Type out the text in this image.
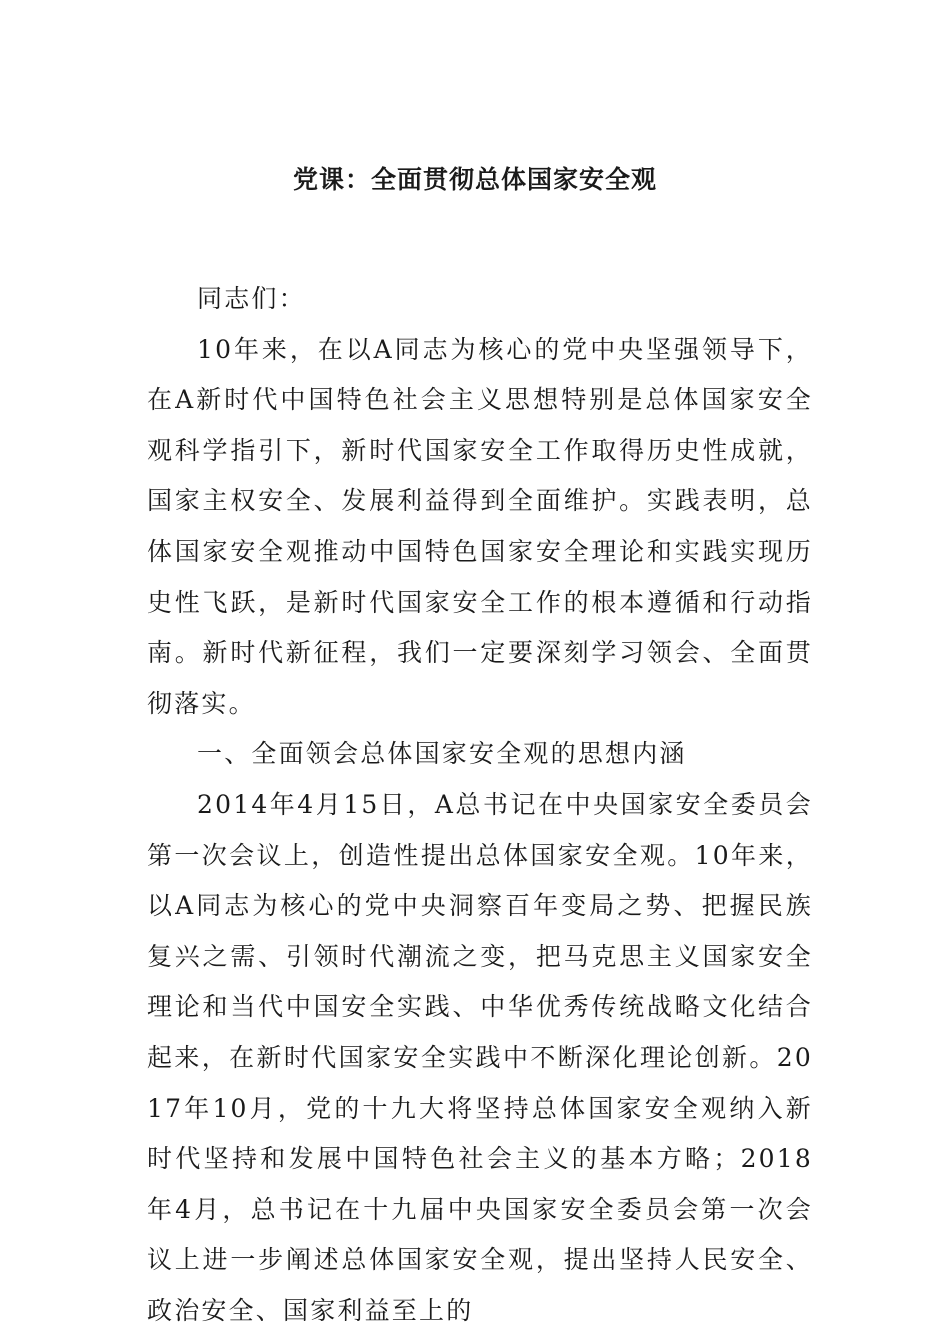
党课：全面贯彻总体国家安全观

同志们：

10年来，在以A同志为核心的党中央坚强领导下，在A新时代中国特色社会主义思想特别是总体国家安全观科学指引下，新时代国家安全工作取得历史性成就，国家主权安全、发展利益得到全面维护。实践表明，总体国家安全观推动中国特色国家安全理论和实践实现历史性飞跃，是新时代国家安全工作的根本遵循和行动指南。新时代新征程，我们一定要深刻学习领会、全面贯彻落实。

一、全面领会总体国家安全观的思想内涵

2014年4月15日，A总书记在中央国家安全委员会第一次会议上，创造性提出总体国家安全观。10年来，以A同志为核心的党中央洞察百年变局之势、把握民族复兴之需、引领时代潮流之变，把马克思主义国家安全理论和当代中国安全实践、中华优秀传统战略文化结合起来，在新时代国家安全实践中不断深化理论创新。2017年10月，党的十九大将坚持总体国家安全观纳入新时代坚持和发展中国特色社会主义的基本方略；2018年4月，总书记在十九届中央国家安全委员会第一次会议上进一步阐述总体国家安全观，提出坚持人民安全、政治安全、国家利益至上的
